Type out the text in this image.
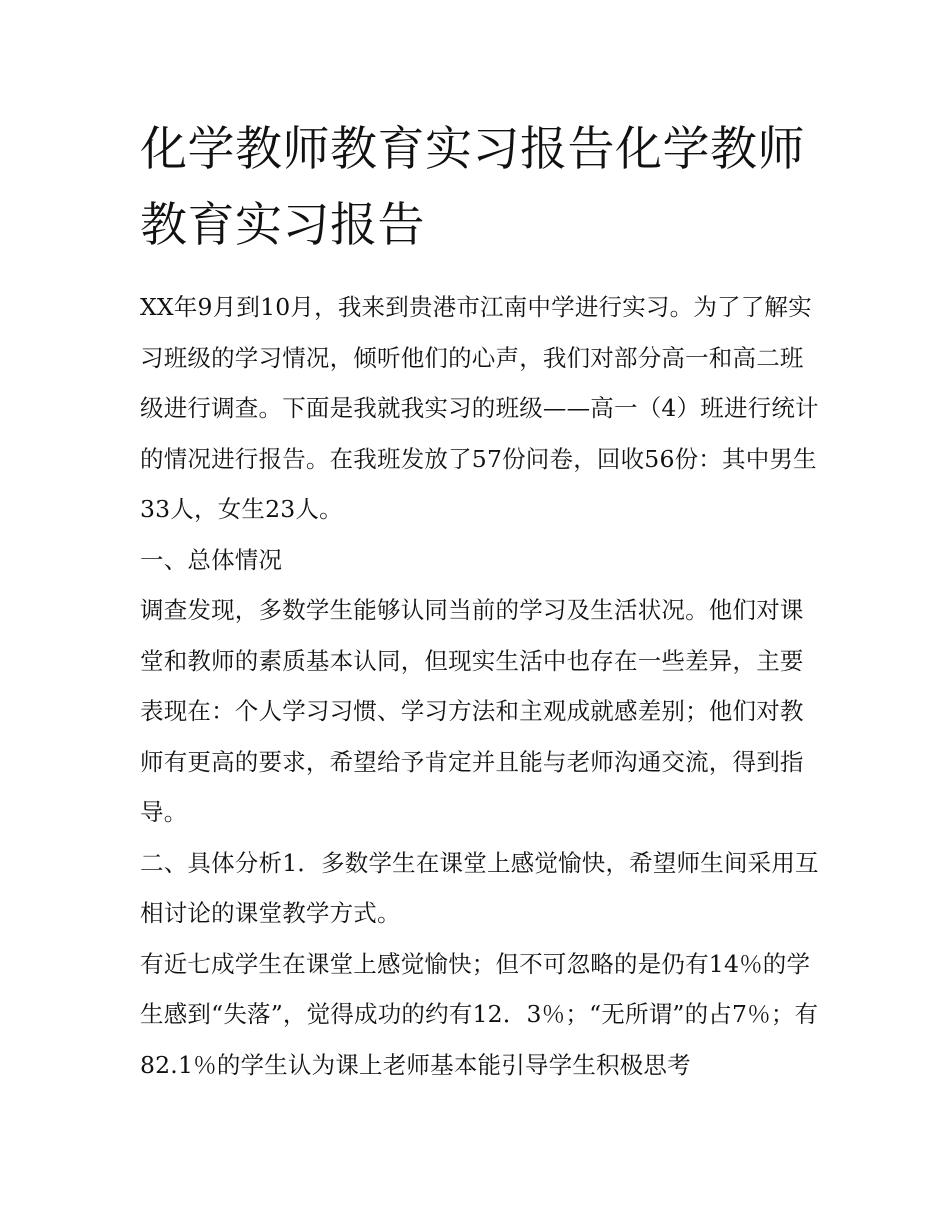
化学教师教育实习报告化学教师教育实习报告

XX年9月到10月，我来到贵港市江南中学进行实习。为了了解实习班级的学习情况，倾听他们的心声，我们对部分高一和高二班级进行调查。下面是我就我实习的班级——高一（4）班进行统计的情况进行报告。在我班发放了57份问卷，回收56份：其中男生33人，女生23人。

一、总体情况

调查发现，多数学生能够认同当前的学习及生活状况。他们对课堂和教师的素质基本认同，但现实生活中也存在一些差异，主要表现在：个人学习习惯、学习方法和主观成就感差别；他们对教师有更高的要求，希望给予肯定并且能与老师沟通交流，得到指导。

二、具体分析1．多数学生在课堂上感觉愉快，希望师生间采用互相讨论的课堂教学方式。

有近七成学生在课堂上感觉愉快；但不可忽略的是仍有14％的学生感到“失落”，觉得成功的约有12．3％；“无所谓”的占7％；有82.1％的学生认为课上老师基本能引导学生积极思考
